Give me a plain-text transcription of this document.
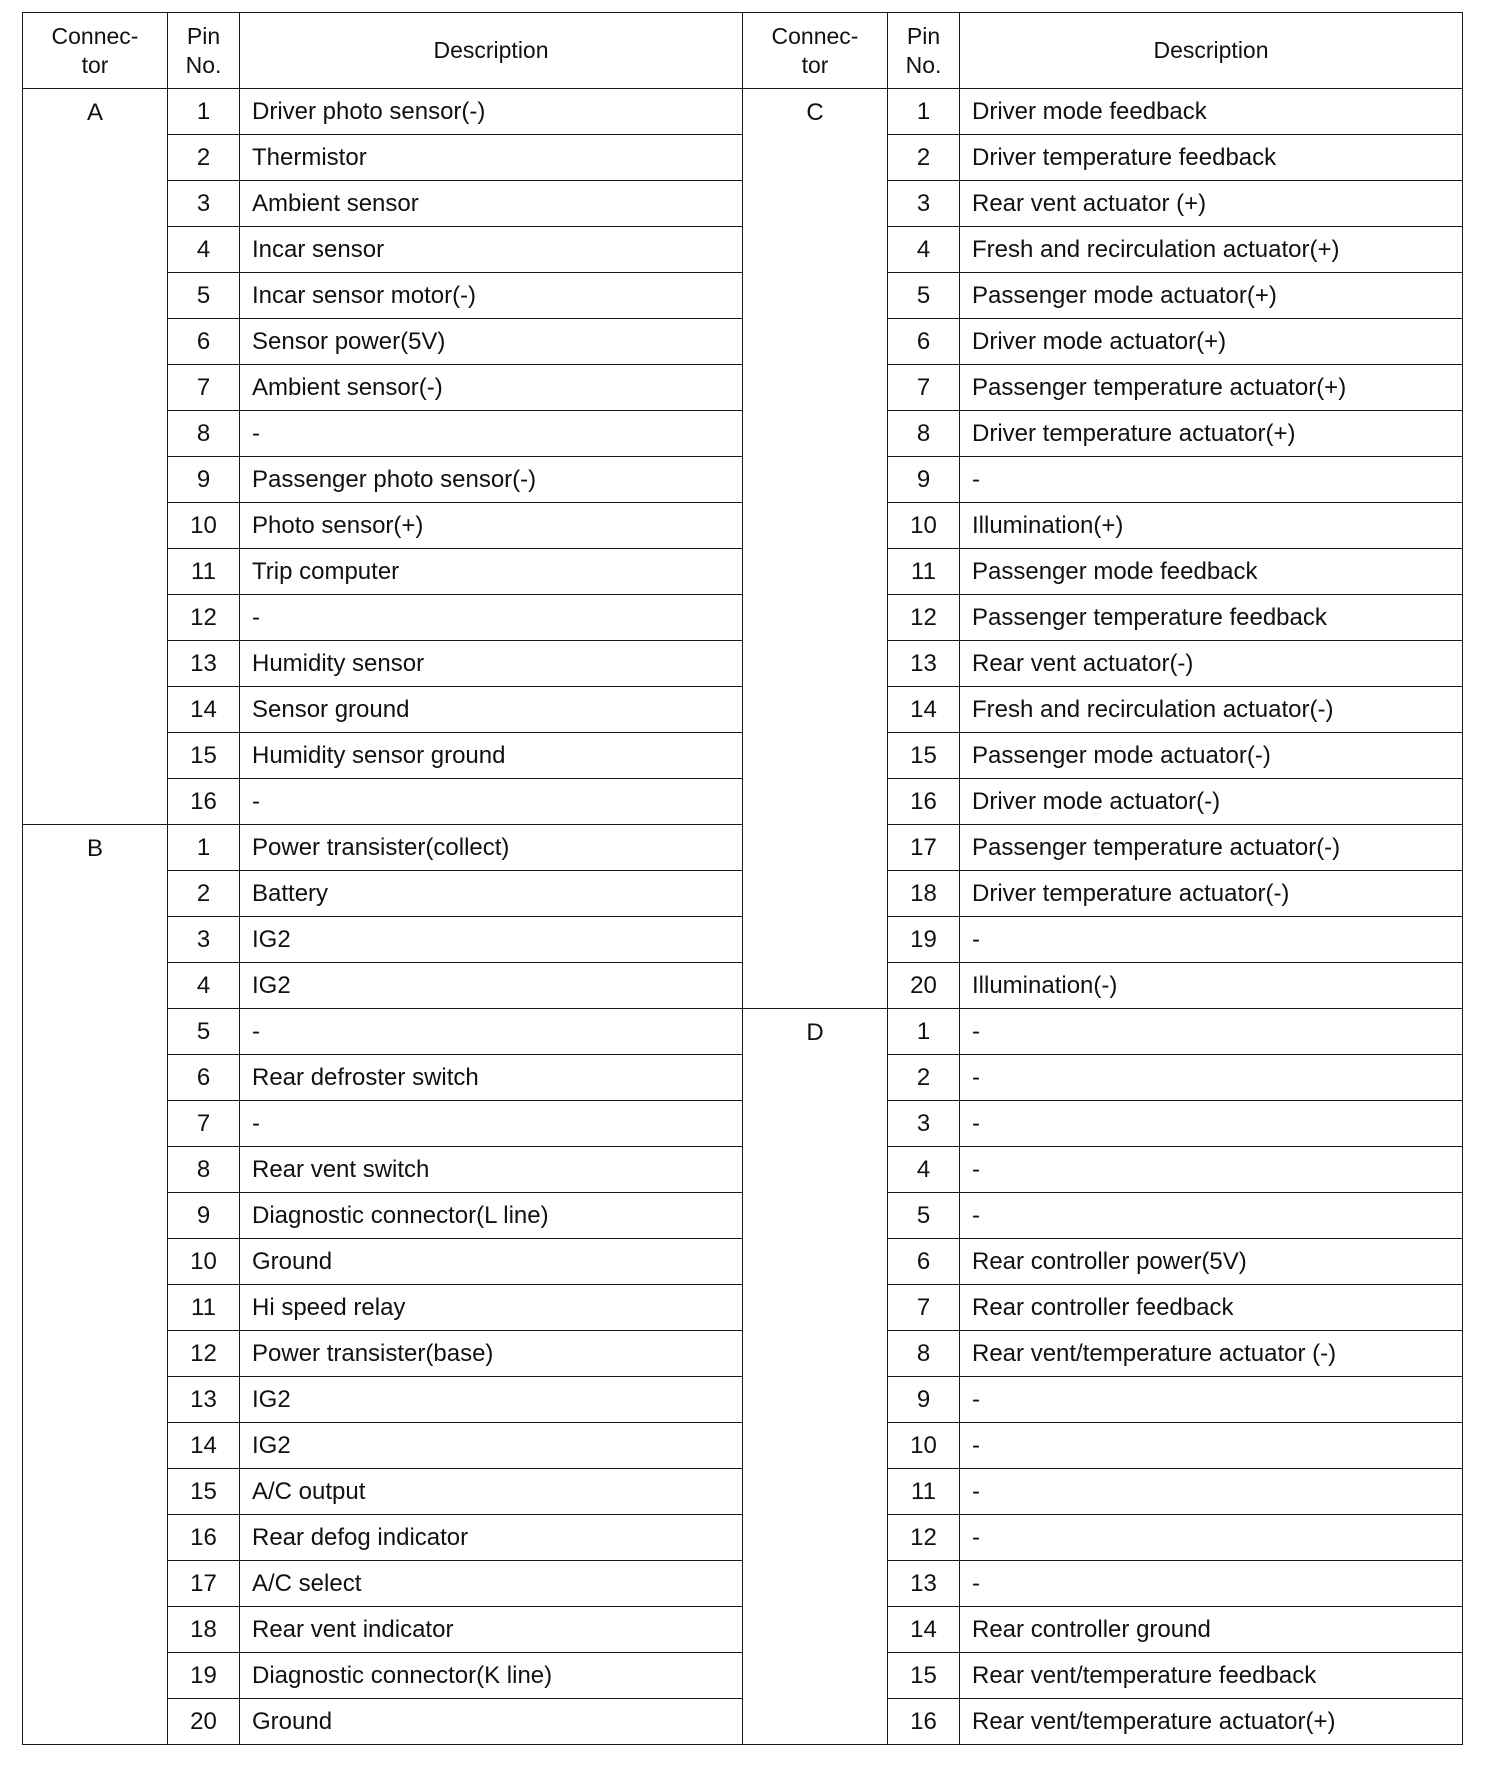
Connec-
tor	Pin
No.	Description
A	1	Driver photo sensor(-)
	2	Thermistor
	3	Ambient sensor
	4	Incar sensor
	5	Incar sensor motor(-)
	6	Sensor power(5V)
	7	Ambient sensor(-)
	8	-
	9	Passenger photo sensor(-)
	10	Photo sensor(+)
	11	Trip computer
	12	-
	13	Humidity sensor
	14	Sensor ground
	15	Humidity sensor ground
	16	-
B	1	Power transister(collect)
	2	Battery
	3	IG2
	4	IG2
	5	-
	6	Rear defroster switch
	7	-
	8	Rear vent switch
	9	Diagnostic connector(L line)
	10	Ground
	11	Hi speed relay
	12	Power transister(base)
	13	IG2
	14	IG2
	15	A/C output
	16	Rear defog indicator
	17	A/C select
	18	Rear vent indicator
	19	Diagnostic connector(K line)
	20	Ground
Connec-
tor	Pin
No.	Description
C	1	Driver mode feedback
	2	Driver temperature feedback
	3	Rear vent actuator (+)
	4	Fresh and recirculation actuator(+)
	5	Passenger mode actuator(+)
	6	Driver mode actuator(+)
	7	Passenger temperature actuator(+)
	8	Driver temperature actuator(+)
	9	-
	10	Illumination(+)
	11	Passenger mode feedback
	12	Passenger temperature feedback
	13	Rear vent actuator(-)
	14	Fresh and recirculation actuator(-)
	15	Passenger mode actuator(-)
	16	Driver mode actuator(-)
	17	Passenger temperature actuator(-)
	18	Driver temperature actuator(-)
	19	-
	20	Illumination(-)
D	1	-
	2	-
	3	-
	4	-
	5	-
	6	Rear controller power(5V)
	7	Rear controller feedback
	8	Rear vent/temperature actuator (-)
	9	-
	10	-
	11	-
	12	-
	13	-
	14	Rear controller ground
	15	Rear vent/temperature feedback
	16	Rear vent/temperature actuator(+)
